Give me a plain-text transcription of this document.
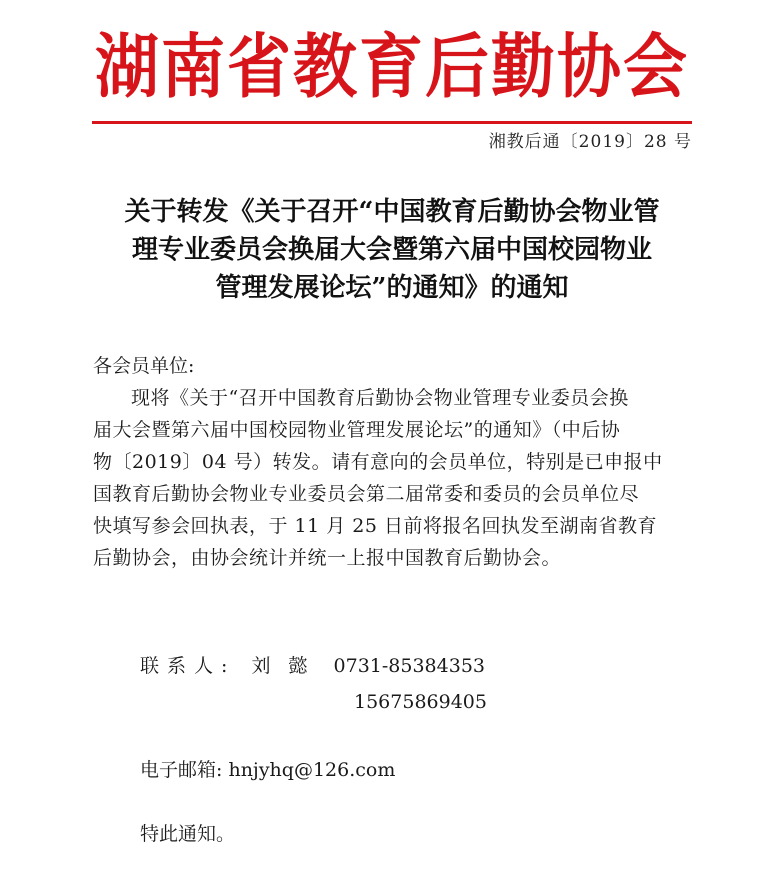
湖南省教育后勤协会
湘教后通〔2019〕28 号
关于转发《关于召开“中国教育后勤协会物业管
理专业委员会换届大会暨第六届中国校园物业
管理发展论坛”的通知》的通知
各会员单位:
现将《关于“召开中国教育后勤协会物业管理专业委员会换
届大会暨第六届中国校园物业管理发展论坛”的通知》（中后协
物〔2019〕04 号）转发。请有意向的会员单位，特别是已申报中
国教育后勤协会物业专业委员会第二届常委和委员的会员单位尽
快填写参会回执表，于 11 月 25 日前将报名回执发至湖南省教育
后勤协会，由协会统计并统一上报中国教育后勤协会。
联系人: 刘懿 0731-85384353
15675869405
电子邮箱: hnjyhq@126.com
特此通知。
